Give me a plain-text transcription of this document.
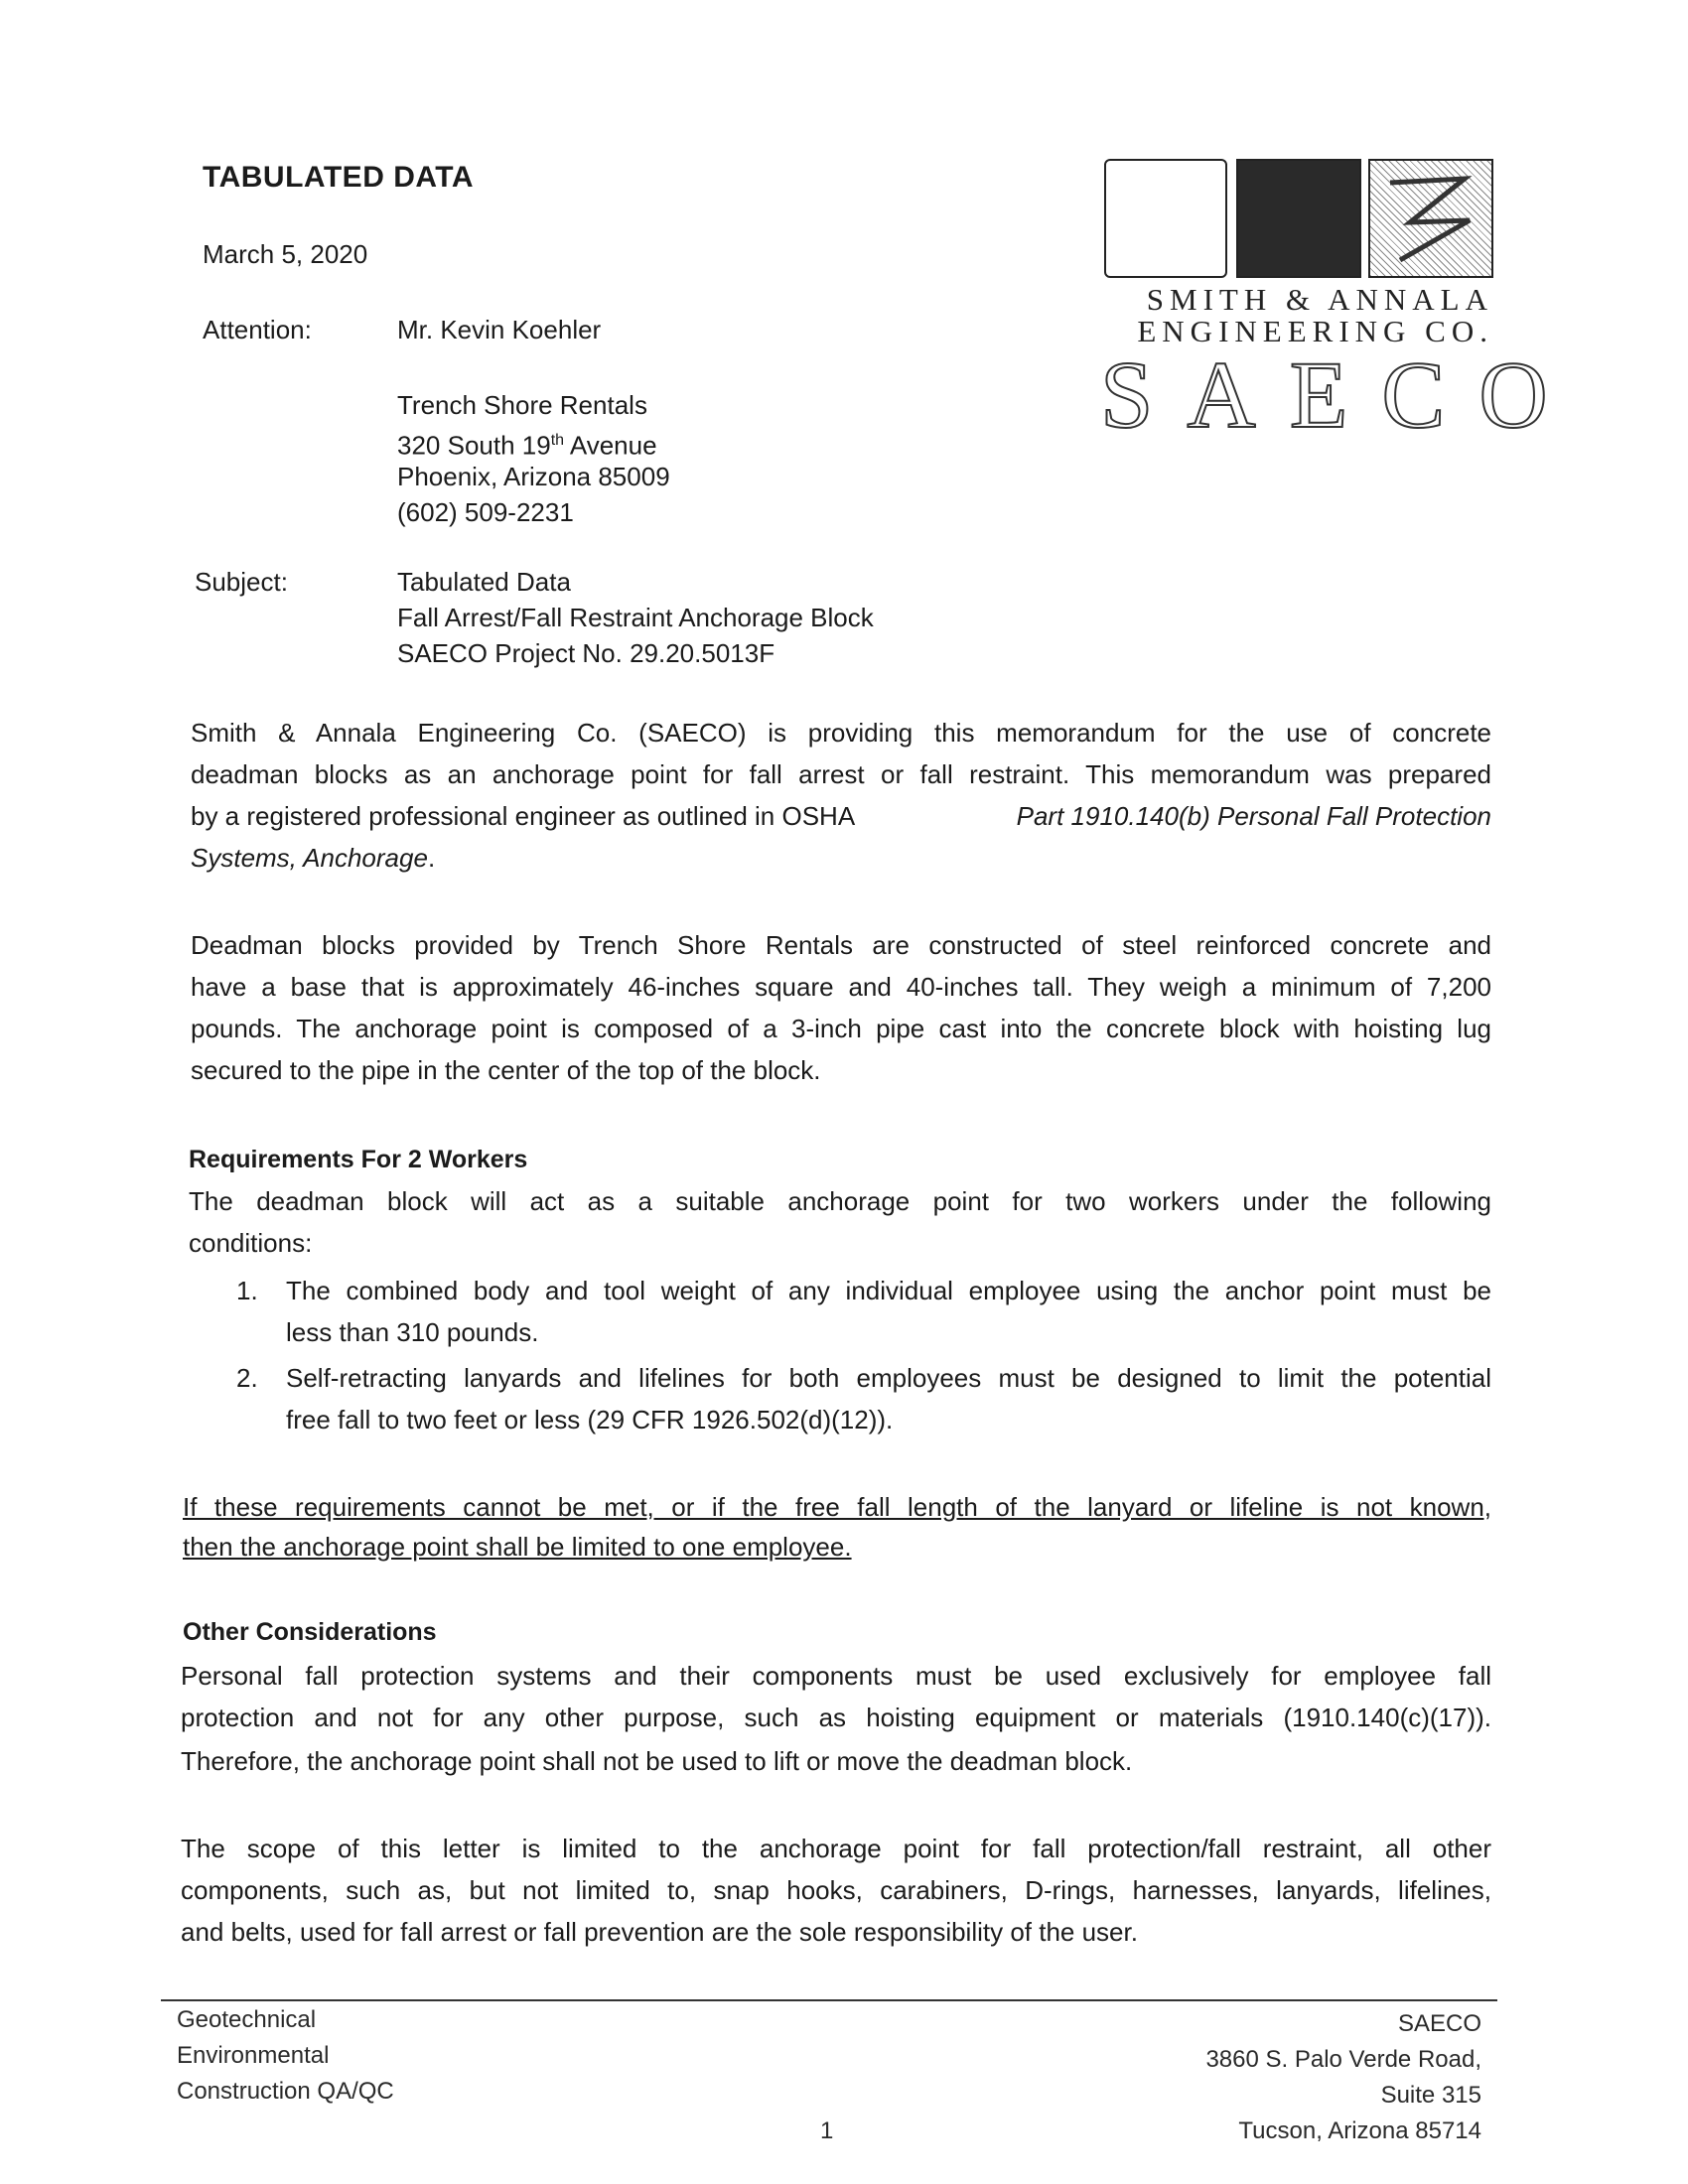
TABULATED DATA
March 5, 2020
Attention:	Mr. Kevin Koehler
Trench Shore Rentals
320 South 19th Avenue
Phoenix, Arizona 85009
(602) 509-2231
Subject:	Tabulated Data
Fall Arrest/Fall Restraint Anchorage Block
SAECO Project No. 29.20.5013F
SMITH & ANNALA
ENGINEERING CO.
SAECO
Smith & Annala Engineering Co. (SAECO) is providing this memorandum for the use of concrete
deadman blocks as an anchorage point for fall arrest or fall restraint. This memorandum was prepared
by a registered professional engineer as outlined in OSHA	Part 1910.140(b) Personal Fall Protection
Systems, Anchorage.
Deadman blocks provided by Trench Shore Rentals are constructed of steel reinforced concrete and
have a base that is approximately 46-inches square and 40-inches tall. They weigh a minimum of 7,200
pounds. The anchorage point is composed of a 3-inch pipe cast into the concrete block with hoisting lug
secured to the pipe in the center of the top of the block.
Requirements For 2 Workers
The deadman block will act as a suitable anchorage point for two workers under the following
conditions:
1. The combined body and tool weight of any individual employee using the anchor point must be
less than 310 pounds.
2. Self-retracting lanyards and lifelines for both employees must be designed to limit the potential
free fall to two feet or less (29 CFR 1926.502(d)(12)).
If these requirements cannot be met, or if the free fall length of the lanyard or lifeline is not known,
then the anchorage point shall be limited to one employee.
Other Considerations
Personal fall protection systems and their components must be used exclusively for employee fall
protection and not for any other purpose, such as hoisting equipment or materials (1910.140(c)(17)).
Therefore, the anchorage point shall not be used to lift or move the deadman block.
The scope of this letter is limited to the anchorage point for fall protection/fall restraint, all other
components, such as, but not limited to, snap hooks, carabiners, D-rings, harnesses, lanyards, lifelines,
and belts, used for fall arrest or fall prevention are the sole responsibility of the user.
Geotechnical
Environmental
Construction QA/QC
SAECO
3860 S. Palo Verde Road,
Suite 315
Tucson, Arizona 85714
1
